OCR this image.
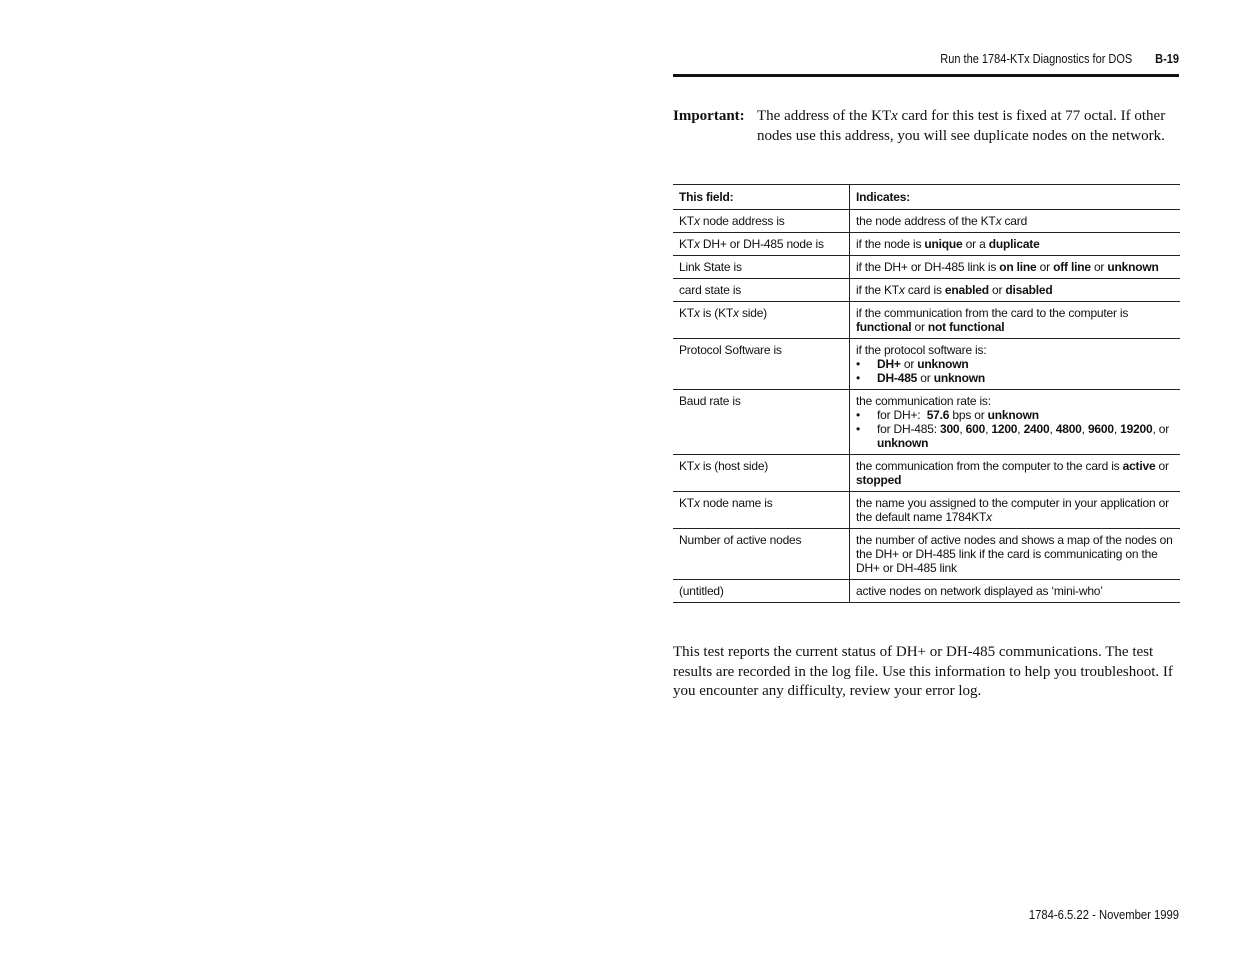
Run the 1784-KTx Diagnostics for DOS B-19
Important: The address of the KTx card for this test is fixed at 77 octal. If other nodes use this address, you will see duplicate nodes on the network.
This field:	Indicates:
KTx node address is	the node address of the KTx card
KTx DH+ or DH-485 node is	if the node is unique or a duplicate
Link State is	if the DH+ or DH-485 link is on line or off line or unknown
card state is	if the KTx card is enabled or disabled
KTx is (KTx side)	if the communication from the card to the computer is functional or not functional
Protocol Software is	if the protocol software is:
• DH+ or unknown
• DH-485 or unknown

Baud rate is	the communication rate is:
• for DH+:  57.6 bps or unknown
• for DH-485: 300, 600, 1200, 2400, 4800, 9600, 19200, or unknown

KTx is (host side)	the communication from the computer to the card is active or stopped
KTx node name is	the name you assigned to the computer in your application or the default name 1784KTx
Number of active nodes	the number of active nodes and shows a map of the nodes on the DH+ or DH-485 link if the card is communicating on the DH+ or DH-485 link
(untitled)	active nodes on network displayed as ‘mini-who’
This test reports the current status of DH+ or DH-485 communications. The test results are recorded in the log file. Use this information to help you troubleshoot. If you encounter any difficulty, review your error log.
1784-6.5.22 - November 1999
